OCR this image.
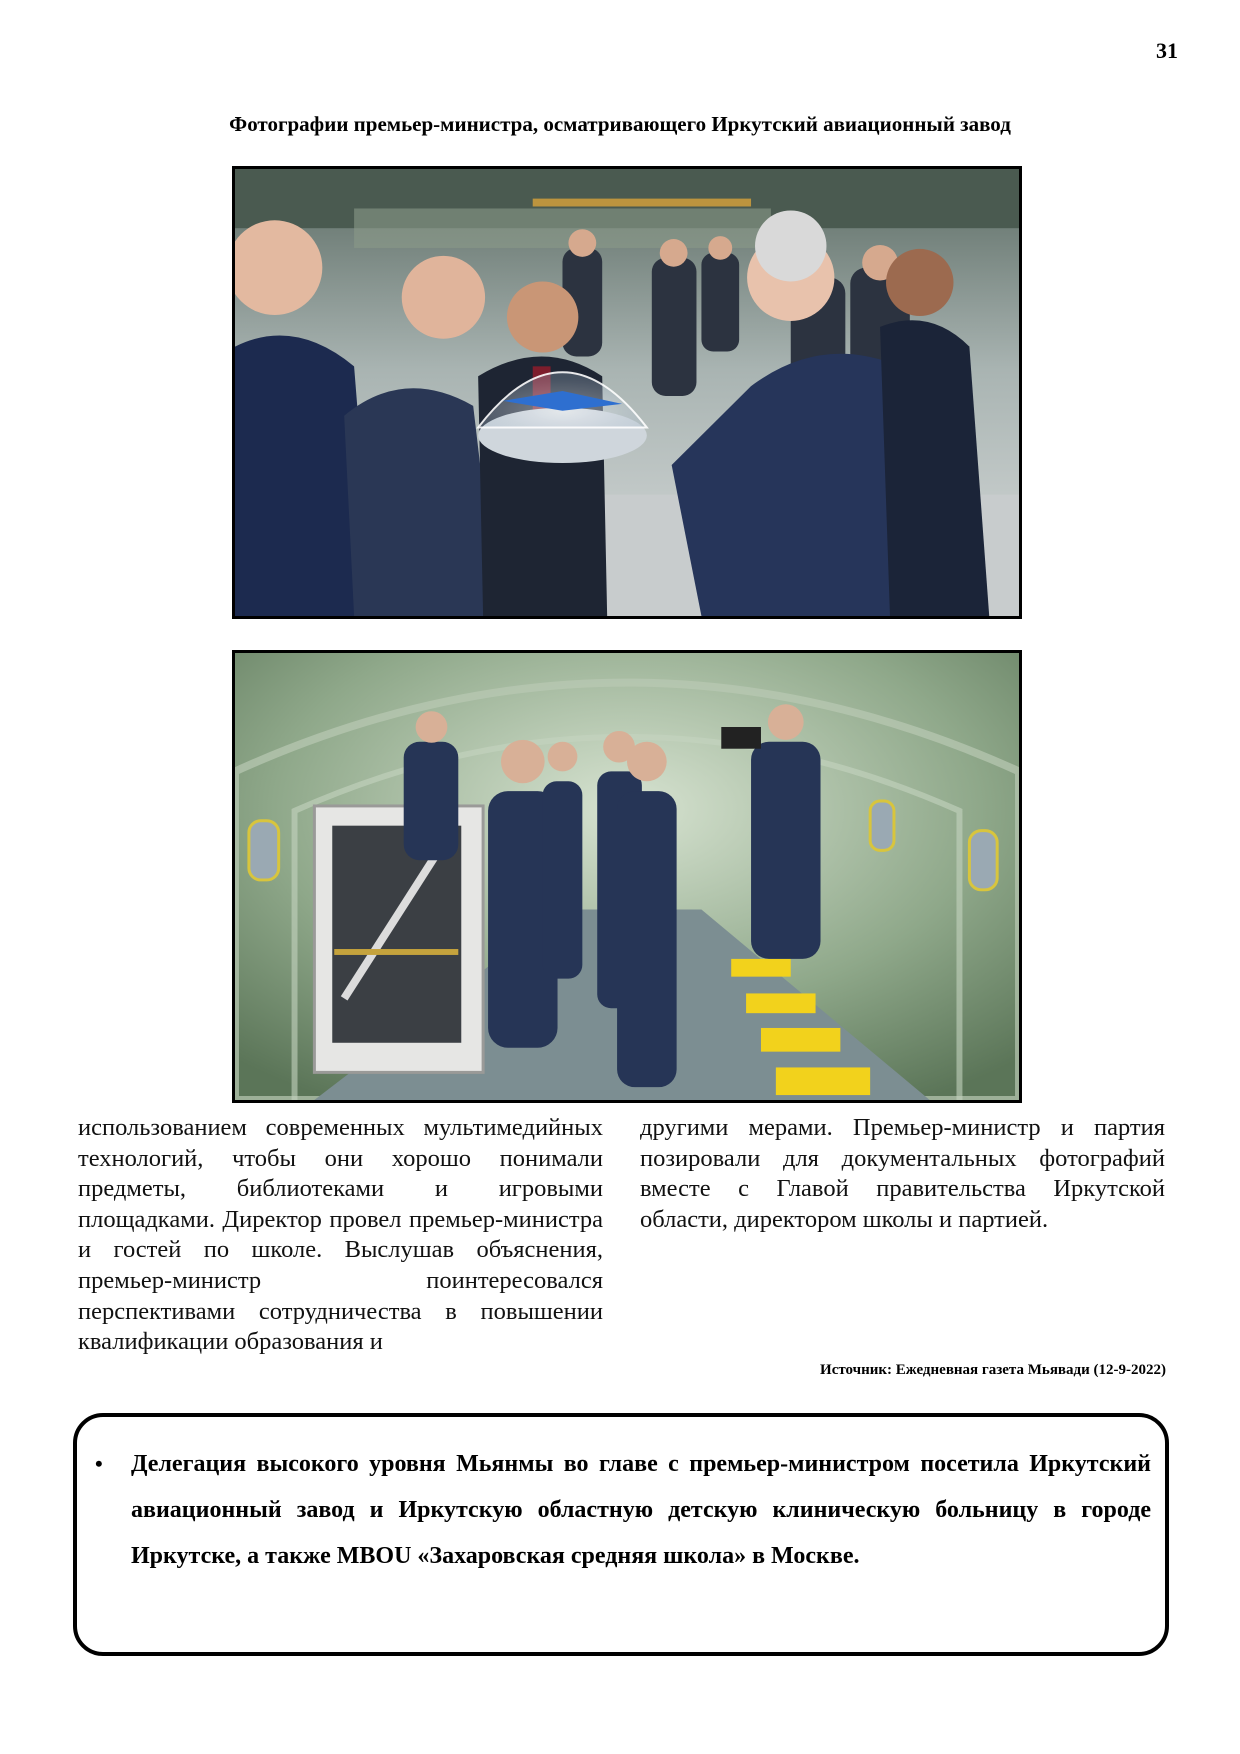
31
Фотографии премьер-министра, осматривающего Иркутский авиационный завод
использованием современных мультимедийных технологий, чтобы они хорошо понимали предметы, библиотеками и игровыми площадками. Директор провел премьер-министра и гостей по школе. Выслушав объяснения, премьер-министр поинтересовался перспективами сотрудничества в повышении квалификации образования и
другими мерами. Премьер-министр и партия позировали для документальных фотографий вместе с Главой правительства Иркутской области, директором школы и партией.
Источник: Ежедневная газета Мьявади (12-9-2022)
• Делегация высокого уровня Мьянмы во главе с премьер-министром посетила Иркутский авиационный завод и Иркутскую областную детскую клиническую больницу в городе Иркутске, а также MBOU «Захаровская средняя школа» в Москве.
